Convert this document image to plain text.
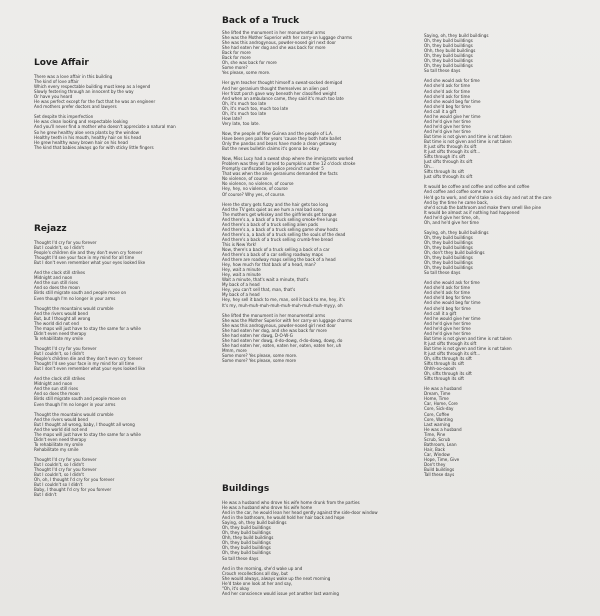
Love Affair
There was a love affair in this building
The kind of love affair
Which every respectable building must keep as a legend
Slowly festering through an innocent by the way
Or have you heard
He was perfect except for the fact that he was an engineer
And mothers prefer doctors and lawyers
Set despite this imperfection
He was clean looking and respectable looking
And you'll never find a mother who doesn't appreciate a natural man
So he grew healthy aloe vera plants by the window
Healthy teeth in his mouth, healthy hair on his head
He grew healthy wavy brown hair on his head
The kind that babies always go for with sticky little fingers
Rejazz
Thought I'd cry for you forever
But I couldn't, so I didn't
People's children die and they don't even cry forever
Thought I'd see your face in my mind for all time
But I don't even remember what your eyes looked like
And the clock still strikes
Midnight and noon
And the sun still rises
And so does the moon
Birds still migrate south and people move on
Even though I'm no longer in your arms
Thought the mountains would crumble
And the rivers would bend
But, but I thought all wrong
The world did not end
The maps will just have to stay the same for a while
Didn't even need therapy
To rehabilitate my smile
Thought I'd cry for you forever
But I couldn't, so I didn't
People's children die and they don't even cry forever
Thought I'd see your face in my mind for all time
But I don't even remember what your eyes looked like
And the clock still strikes
Midnight and noon
And the sun still rises
And so does the moon
Birds still migrate south and people move on
Even though I'm no longer in your arms
Thought the mountains would crumble
And the rivers would bend
But I thought all wrong, baby, I thought all wrong
And the world did not end
The maps will just have to stay the same for a while
Didn't even need therapy
To rehabilitate my smile
Rehabilitate my smile
Thought I'd cry for you forever
But I couldn't, so I didn't
Thought I'd cry for you forever
But I couldn't, so I didn't
Oh, oh, I thought I'd cry for you forever
But I couldn't so I didn't
Baby, I thought I'd cry for you forever
But I didn't
Back of a Truck
She lifted the monument in her monumental arms
She was the Mother Superior with her carry-on luggage charms
She was this androgynous, powder-nosed girl next door
She had eaten her dog and she was back for more
Back for more
Back for more
Oh, she was back for more
Some more?
Yes please, some more.
Her gym teacher thought himself a sweat-socked demigod
And her geranium thought themselves an alien pod
Her frizzt porch gave way beneath her classified weight
And when an ambulance came, they said it's much too late
Oh, it's much too late
Oh, it's much too, much too late
Oh, it's much too late
How late?
Very late, too late.
Now, the people of New Guinea and the people of L.A.
Have been pen pals for years 'cause they both hate ballet
Only the pandas and bears have made a clean getaway
But the news bulletin claims it's gonna be okay
Now, Miss Lucy had a sweat shop where the immigrants worked
Problem was they all turned to pumpkins at the 12 o'clock stroke
Promptly confiscated by police precinct number 5
That was when the alien geraniums demanded the facts
No violence, of course
No violence, no violence, of course
Hey, hey, no violence, of course
Of course? Why yes, of course.
Here the story gets fuzzy and the hair gets too long
And the TV gets quiet as we hum a real bad song
The mothers get whiskey and the girlfriends get tongue
And there's a, a back of a truck selling smoke-free lungs
And there's a back of a truck selling alien pads
And there's a, a back of a truck selling game show hosts
And there's a, a back of a truck selling the souls of the dead
And there's a back of a truck selling crumb-free bread
This is New York!
Now, there's a back of a truck selling a back of a car
And there's a back of a car selling roadway maps
And there are roadway maps selling the back of a head
Hey, how much for that back of a head, man?
Hey, wait a minute
Hey, wait a minute
Wait a minute, that's wait a minute, that's
My back of a head
Hey, you can't sell that, man, that's
My back of a head
Hey, hey sell it back to me, man, sell it back to me, hey, it's
It's my, muh-muh-muh-muh-muh-muh-muh-muh-myyy, oh
She lifted the monument in her monumental arms
She was the Mother Superior with her carry-on luggage charms
She was this androgynous, powder-nosed girl next door
She had eaten her dog, and she was back for more
She had eaten her dawg, D-O-W-G
She had eaten her dowg, d-do-dowg, d-do-dowg, dowg, do
She had eaten her, eaten, eaten her, eaten, eaten her, uh
Mmm, more
Some more? Yes please, some more.
Some more? Yes please, some more
Buildings
He was a husband who drove his wife home drunk from the parties
He was a husband who drove his wife home
And in the car, he would lean her head gently against the side-door window
And in the bathroom, he would hold her hair back and hope
Saying, oh, they build buildings
Oh, they build buildings
Oh, they build buildings
Ohh, they build buildings
Oh, they build buildings
Oh, they build buildings
Oh, they build buildings
So tall these days
And in the morning, she'd wake up and
Crouch recollections all day, but
She would always, always wake up the next morning
He'd take one look at her and say,
"Oh, it's okay
And her conscience would issue yet another last warning
Saying, oh, they build buildings
Oh, they build buildings
Oh, they build buildings
Ohh, they build buildings
Oh, they build buildings
Oh, they build buildings
Oh, they build buildings
So tall these days
And she would ask for time
And she'd ask for time
And she'd ask for time
And she'd ask for time
And she would beg for time
And she'd beg for time
And call it a gift
And he would give her time
And he'd give her time
And he'd give her time
And he'd give her time
But time is not given and time is not taken
But time is not given and time is not taken
It just sifts through its sift
It just sifts through its sift...
Sifts through it's sift
Just sifts through its sift
Oh...
Sifts through its sift
Just sifts through its sift
It would be coffee and coffee and coffee and coffee
And coffee and coffee some more
He'd go to work, and she'd take a sick day and not at the care
And by the time he came back,
she'd scrub the bathroom and make them smell like pine
It would be almost as if nothing had happened
And he'd give her time, oh,
Oh, and he'd give her time
Saying, oh, they build buildings
Oh, they build buildings
Oh, they build buildings
Oh, they build buildings
Oh, don't they build buildings
Oh, they build buildings
Oh, they build buildings
Oh, they build buildings
So tall these days
And she would ask for time
And she'd ask for time
And she'd ask for time
And she'd beg for time
And she would beg for time
And she'd beg for time
And call it a gift
And he would give her time
And he'd give her time
And he'd give her time
And he'd give her time
But time is not given and time is not taken
It just sifts through its sift
But time is not given and time is not taken
It just sifts through its sift...
Oh, sifts through its sift
Sifts through its sift
Ohhh-oo-ooooh
Oh, sifts through its sift
Sifts through its sift
He was a husband
Dream, Time
Home, Time
Car, Home, Core
Core, Sick-day
Core, Coffee
Core, Wanting
Last warning
He was a husband
Time, Pine
Scrub, Scrub
Bathroom, Lean
Hair, Back
Car, Window
Hope, Time, Give
Don't they
Build buildings
Tall these days
